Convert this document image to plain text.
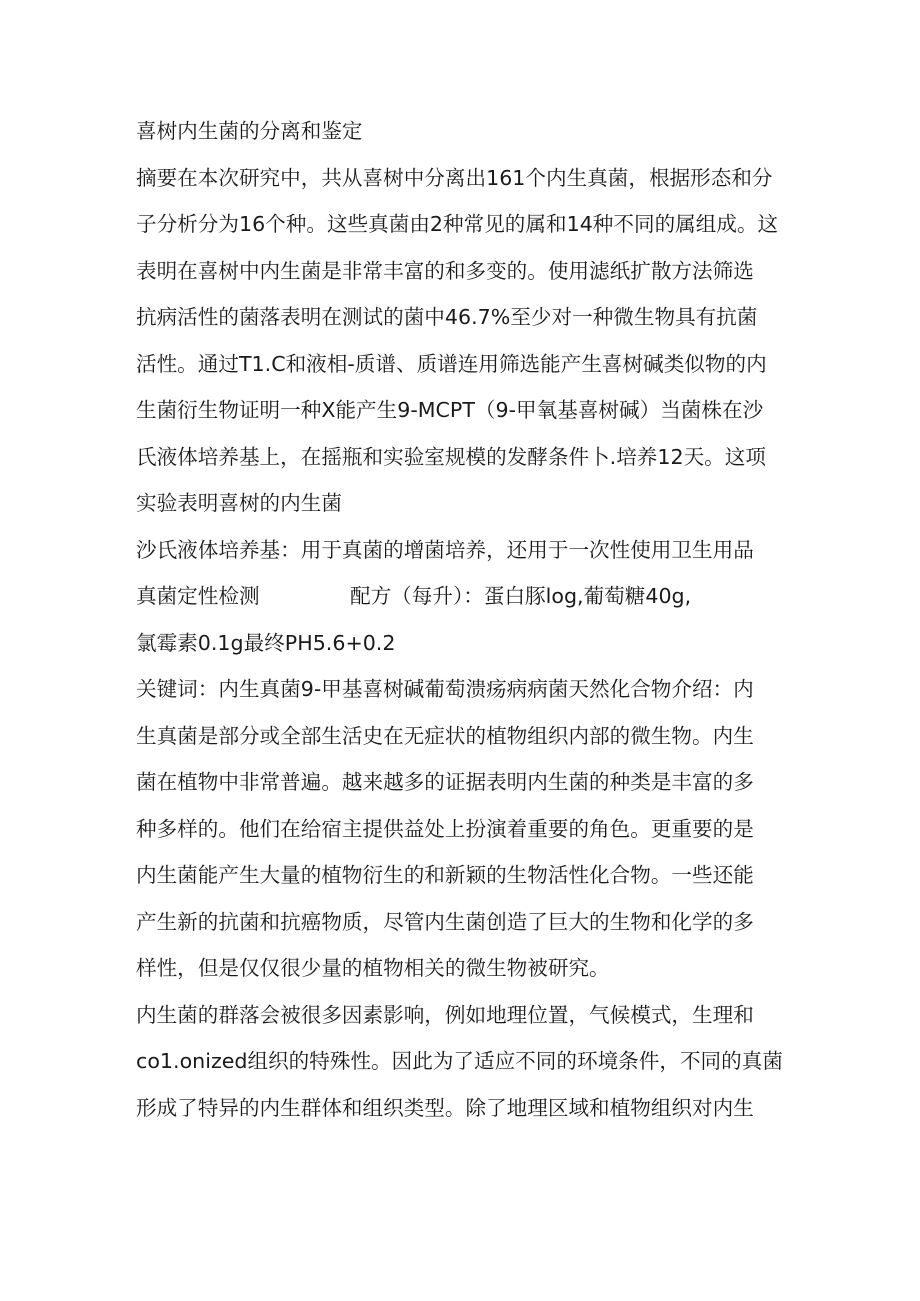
喜树内生菌的分离和鉴定
摘要在本次研究中，共从喜树中分离出161个内生真菌，根据形态和分
子分析分为16个种。这些真菌由2种常见的属和14种不同的属组成。这
表明在喜树中内生菌是非常丰富的和多变的。使用滤纸扩散方法筛选
抗病活性的菌落表明在测试的菌中46.7%至少对一种微生物具有抗菌
活性。通过T1.C和液相-质谱、质谱连用筛选能产生喜树碱类似物的内
生菌衍生物证明一种X能产生9-MCPT（9-甲氧基喜树碱）当菌株在沙
氏液体培养基上，在摇瓶和实验室规模的发酵条件卜.培养12天。这项
实验表明喜树的内生菌
沙氏液体培养基：用于真菌的增菌培养，还用于一次性使用卫生用品
真菌定性检测	配方（每升）：蛋白豚log,葡萄糖40g,
氯霉素0.1g最终PH5.6+0.2
关键词：内生真菌9-甲基喜树碱葡萄溃疡病病菌天然化合物介绍：内
生真菌是部分或全部生活史在无症状的植物组织内部的微生物。内生
菌在植物中非常普遍。越来越多的证据表明内生菌的种类是丰富的多
种多样的。他们在给宿主提供益处上扮演着重要的角色。更重要的是
内生菌能产生大量的植物衍生的和新颖的生物活性化合物。一些还能
产生新的抗菌和抗癌物质，尽管内生菌创造了巨大的生物和化学的多
样性，但是仅仅很少量的植物相关的微生物被研究。
内生菌的群落会被很多因素影响，例如地理位置，气候模式，生理和
co1.onized组织的特殊性。因此为了适应不同的环境条件，不同的真菌
形成了特异的内生群体和组织类型。除了地理区域和植物组织对内生
